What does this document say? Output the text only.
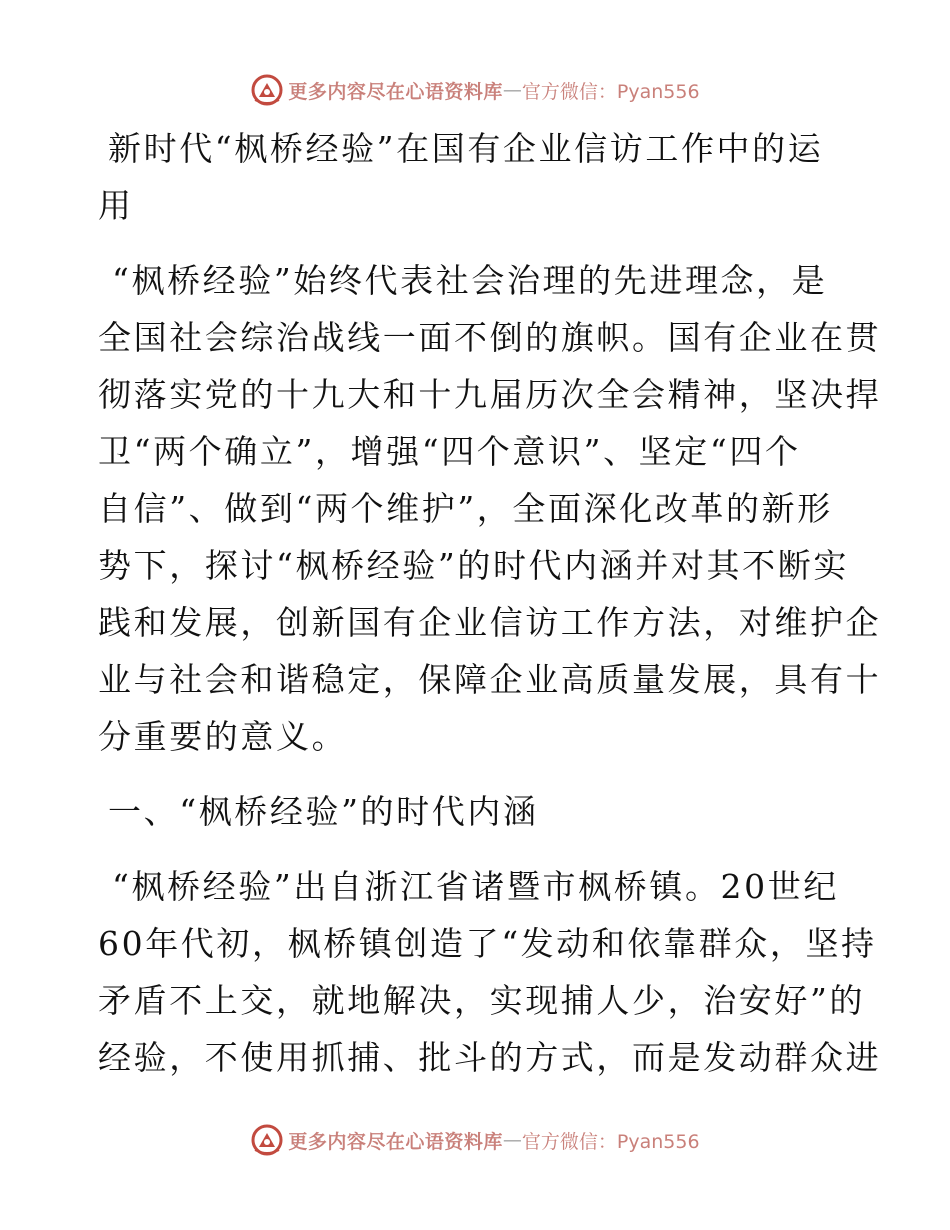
更多内容尽在心语资料库 — 官方微信：Pyan556
新时代“枫桥经验”在国有企业信访工作中的运
用
“枫桥经验”始终代表社会治理的先进理念，是
全国社会综治战线一面不倒的旗帜。国有企业在贯
彻落实党的十九大和十九届历次全会精神，坚决捍
卫“两个确立”，增强“四个意识”、坚定“四个
自信”、做到“两个维护”，全面深化改革的新形
势下，探讨“枫桥经验”的时代内涵并对其不断实
践和发展，创新国有企业信访工作方法，对维护企
业与社会和谐稳定，保障企业高质量发展，具有十
分重要的意义。
一、“枫桥经验”的时代内涵
“枫桥经验”出自浙江省诸暨市枫桥镇。20世纪
60年代初，枫桥镇创造了“发动和依靠群众，坚持
矛盾不上交，就地解决，实现捕人少，治安好”的
经验，不使用抓捕、批斗的方式，而是发动群众进
更多内容尽在心语资料库 — 官方微信：Pyan556
